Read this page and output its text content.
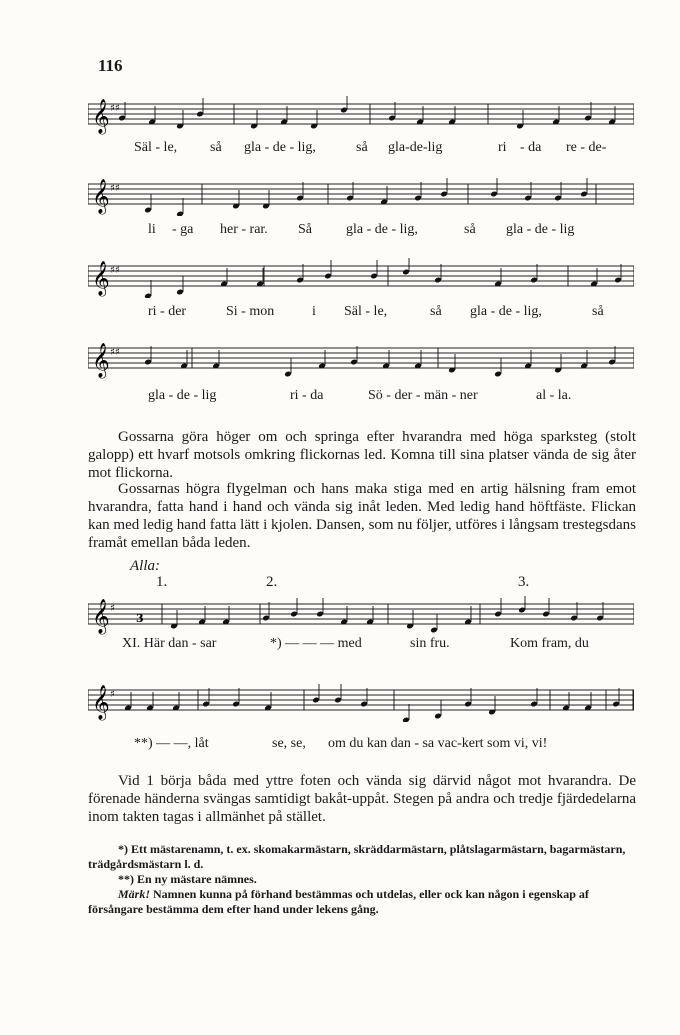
116
𝄞 ♯♯
Säl - le, så gla - de - lig,	så gla-de-lig	ri - da re - de-
𝄞 ♯♯
li - ga her - rar. Så gla - de - lig,	så gla - de - lig
𝄞 ♯♯
ri - der	Si - mon	i Säl - le,	så gla - de - lig,	så
𝄞 ♯♯
gla - de - lig	ri - da	Sö - der - män - ner	al - la.

Gossarna göra höger om och springa efter hvarandra med höga sparksteg (stolt galopp) ett hvarf motsols omkring flickornas led. Komna till sina platser vända de sig åter mot flickorna.

Gossarnas högra flygelman och hans maka stiga med en artig hälsning fram emot hvarandra, fatta hand i hand och vända sig inåt leden. Med ledig hand höftfäste. Flickan kan med ledig hand fatta lätt i kjolen. Dansen, som nu följer, utföres i långsam trestegsdans framåt emellan båda leden.

Alla:
1.	2.	3.
𝄞 ♯
3
XI. Här dan - sar	*) — — — med	sin fru.	Kom fram, du
𝄞 ♯
**) — —, låt	se, se, om du kan dan - sa vac-kert som vi, vi!

Vid 1 börja båda med yttre foten och vända sig därvid något mot hvarandra. De förenade händerna svängas samtidigt bakåt-uppåt. Stegen på andra och tredje fjärdedelarna inom takten tagas i allmänhet på stället.

*) Ett mästarenamn, t. ex. skomakarmästarn, skräddarmästarn, plåtslagarmästarn, bagarmästarn, trädgårdsmästarn l. d.

**) En ny mästare nämnes.

Märk! Namnen kunna på förhand bestämmas och utdelas, eller ock kan någon i egenskap af försångare bestämma dem efter hand under lekens gång.
